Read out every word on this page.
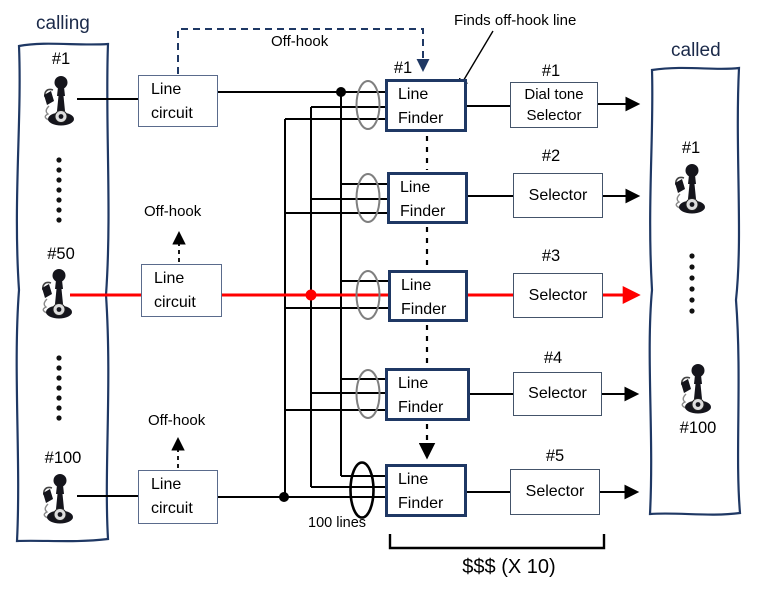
calling
called
#1
#50
#100
#1
#100
Off-hook
Off-hook
Off-hook
Finds off-hook line
100 lines
$$$ (X 10)
#1	#1
#2
#3
#4
#5
Line
circuit
Line
circuit
Line
circuit
Line
Finder
Line
Finder
Line
Finder
Line
Finder
Line
Finder
Dial tone
Selector
Selector
Selector
Selector
Selector
